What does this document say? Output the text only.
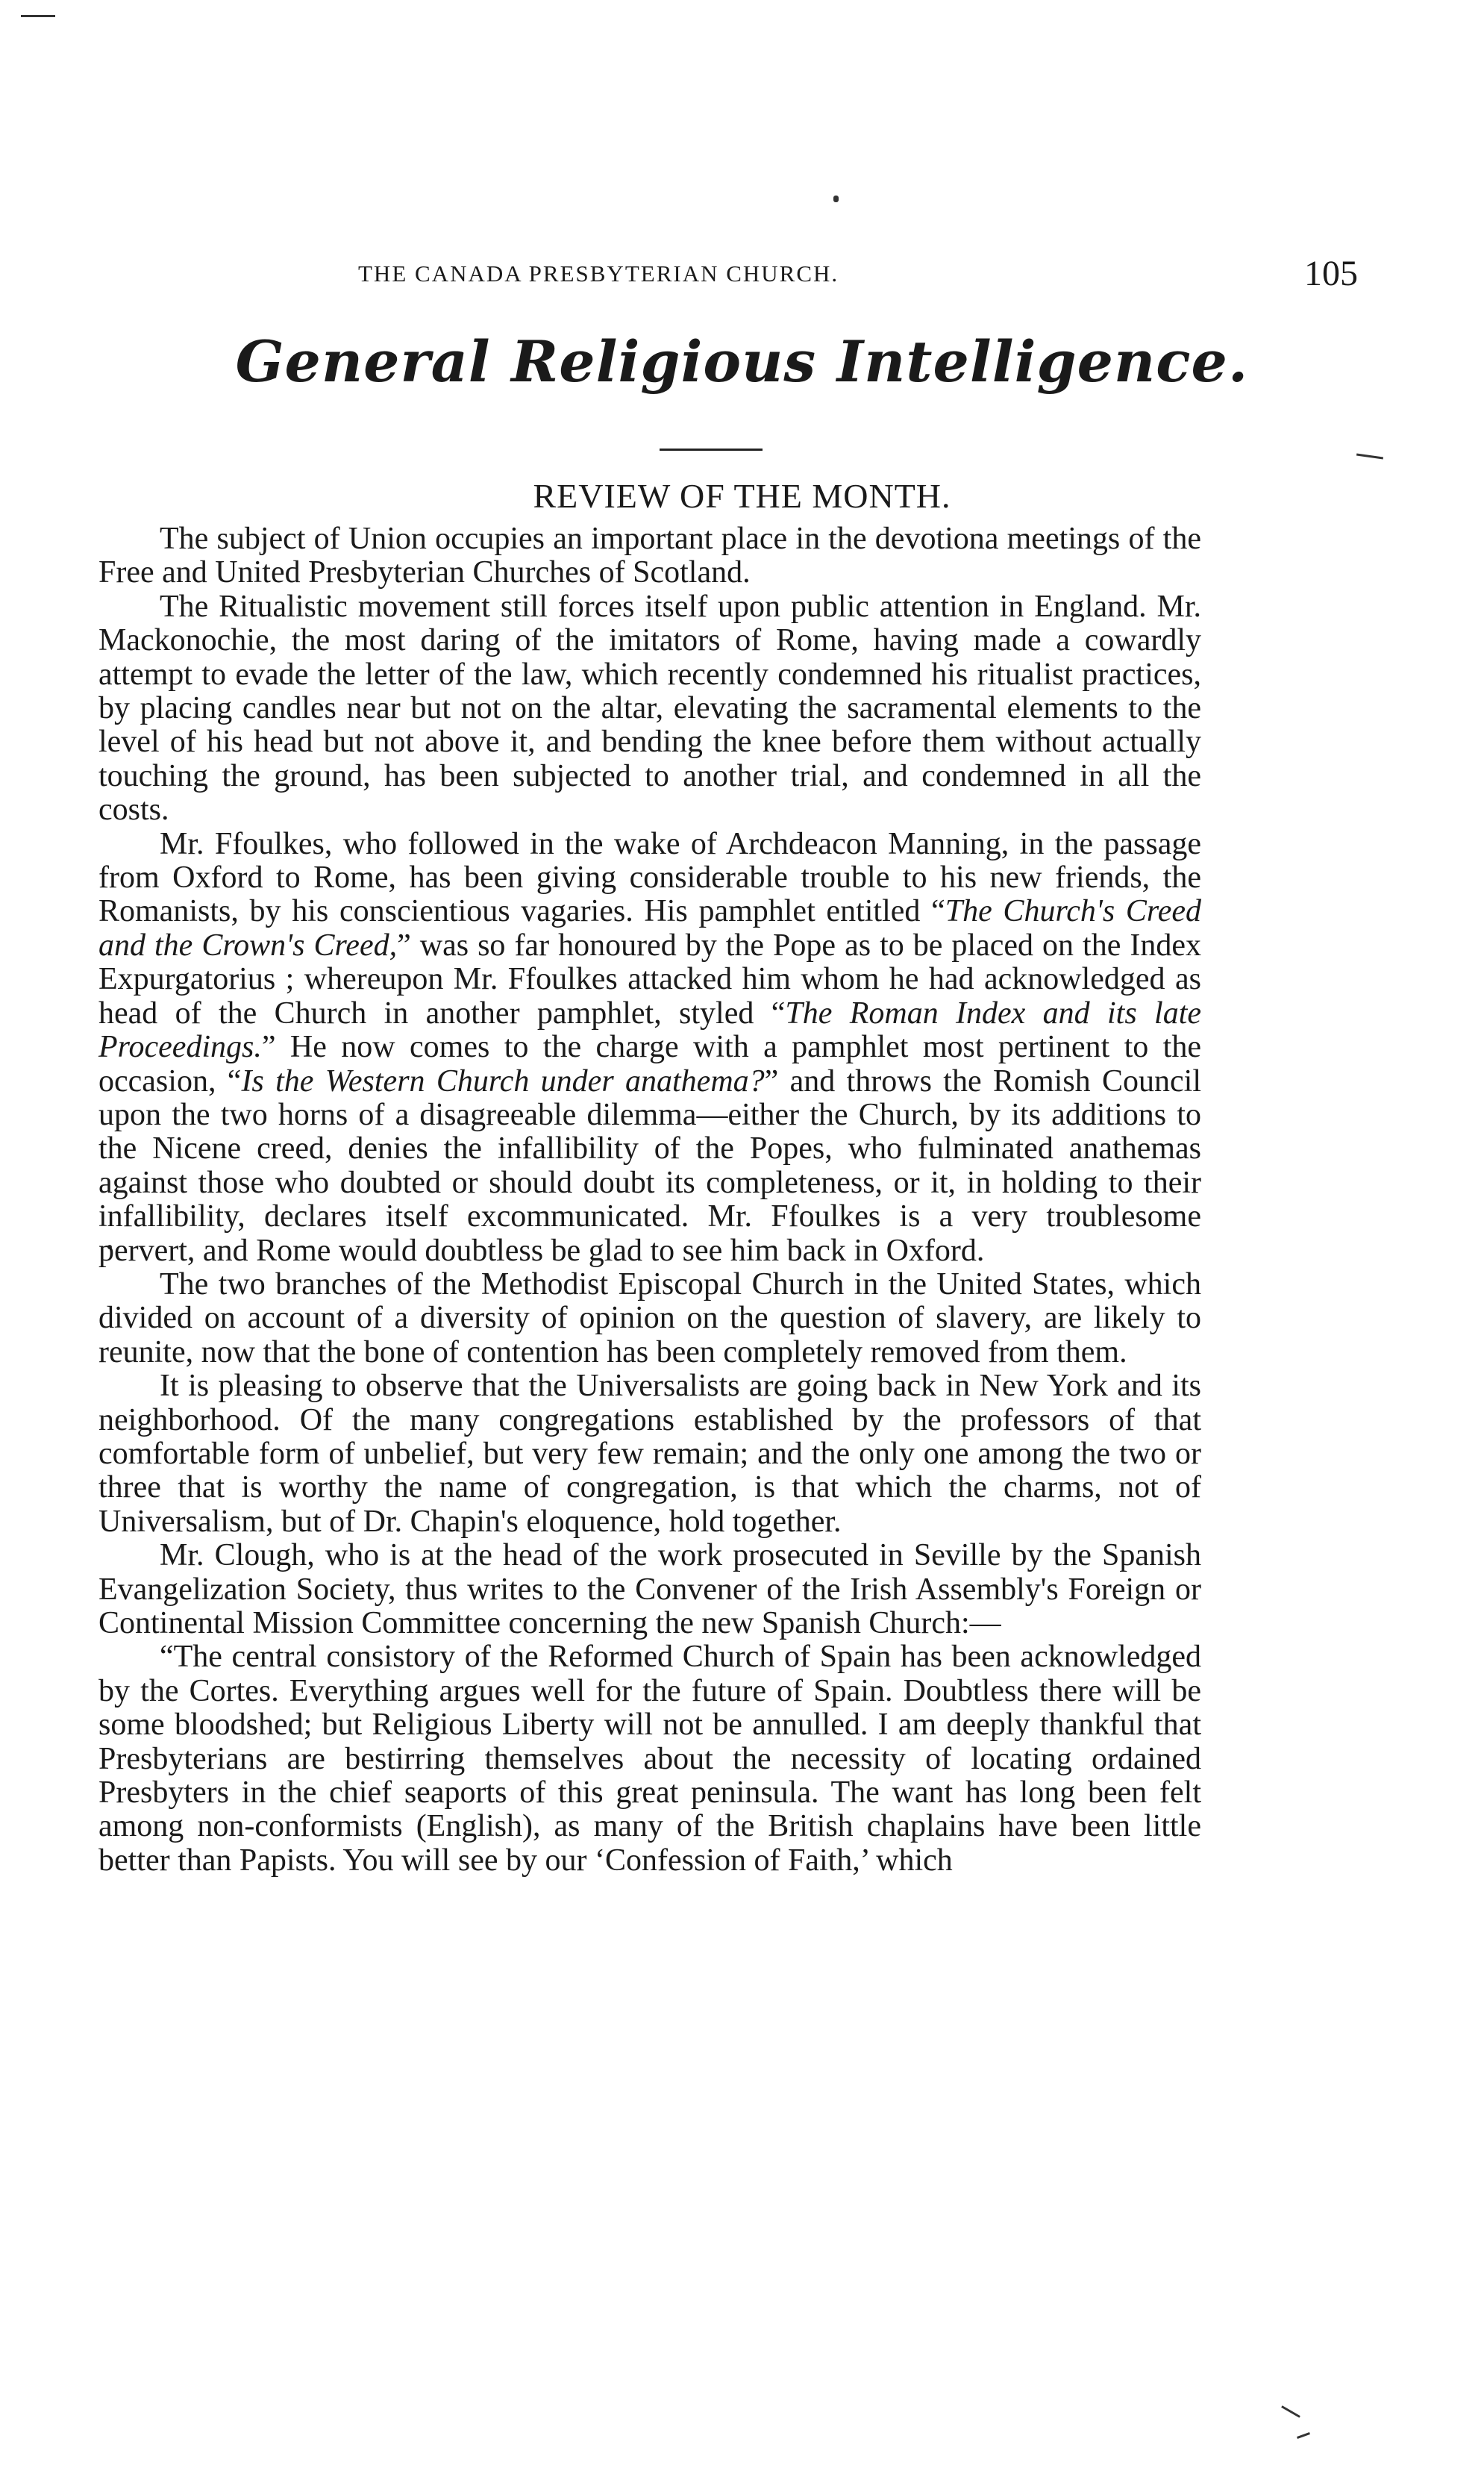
THE CANADA PRESBYTERIAN CHURCH.	105
General Religious Intelligence.
REVIEW OF THE MONTH.

The subject of Union occupies an important place in the devotiona meetings of the Free and United Presbyterian Churches of Scotland.

The Ritualistic movement still forces itself upon public attention in England. Mr. Mackonochie, the most daring of the imitators of Rome, having made a cowardly attempt to evade the letter of the law, which recently condemned his ritualist practices, by placing candles near but not on the altar, elevating the sacramental elements to the level of his head but not above it, and bending the knee before them without actually touching the ground, has been subjected to another trial, and condemned in all the costs.

Mr. Ffoulkes, who followed in the wake of Archdeacon Manning, in the passage from Oxford to Rome, has been giving considerable trouble to his new friends, the Romanists, by his conscientious vagaries. His pamphlet entitled “The Church's Creed and the Crown's Creed,” was so far honoured by the Pope as to be placed on the Index Expurgatorius ; whereupon Mr. Ffoulkes attacked him whom he had acknowledged as head of the Church in another pamphlet, styled “The Roman Index and its late Proceedings.” He now comes to the charge with a pamphlet most pertinent to the occasion, “Is the Western Church under anathema?” and throws the Romish Council upon the two horns of a disagreeable dilemma—either the Church, by its additions to the Nicene creed, denies the infallibility of the Popes, who fulminated anathemas against those who doubted or should doubt its completeness, or it, in holding to their infallibility, declares itself excommunicated. Mr. Ffoulkes is a very troublesome pervert, and Rome would doubtless be glad to see him back in Oxford.

The two branches of the Methodist Episcopal Church in the United States, which divided on account of a diversity of opinion on the question of slavery, are likely to reunite, now that the bone of contention has been completely removed from them.

It is pleasing to observe that the Universalists are going back in New York and its neighborhood. Of the many congregations established by the professors of that comfortable form of unbelief, but very few remain; and the only one among the two or three that is worthy the name of congregation, is that which the charms, not of Universalism, but of Dr. Chapin's eloquence, hold together.

Mr. Clough, who is at the head of the work prosecuted in Seville by the Spanish Evangelization Society, thus writes to the Convener of the Irish Assembly's Foreign or Continental Mission Committee concerning the new Spanish Church:—

“The central consistory of the Reformed Church of Spain has been acknowledged by the Cortes. Everything argues well for the future of Spain. Doubtless there will be some bloodshed; but Religious Liberty will not be annulled. I am deeply thankful that Presbyterians are bestirring themselves about the necessity of locating ordained Presbyters in the chief seaports of this great peninsula. The want has long been felt among non-conformists (English), as many of the British chaplains have been little better than Papists. You will see by our ‘Confession of Faith,’ which
